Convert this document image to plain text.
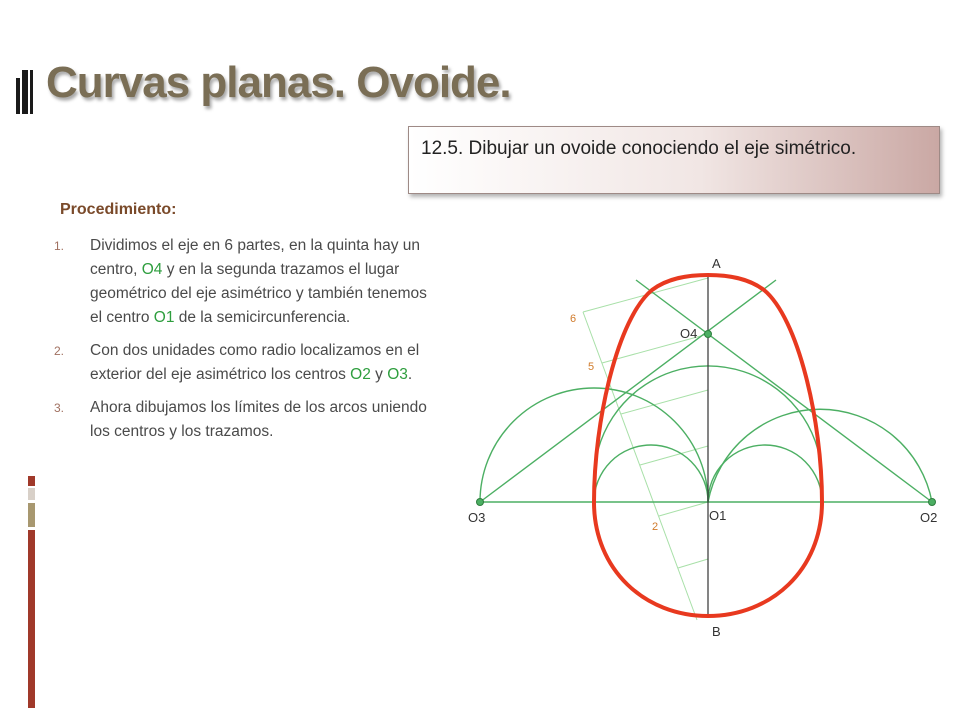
Curvas planas. Ovoide.
12.5. Dibujar un ovoide conociendo el eje simétrico.

Procedimiento:

1. Dividimos el eje en 6 partes, en la quinta hay un centro, O4 y en la segunda trazamos el lugar geométrico del eje asimétrico y también tenemos el centro O1 de la semicircunferencia.
2. Con dos unidades como radio localizamos en el exterior del eje asimétrico los centros O2 y O3.
3. Ahora dibujamos los límites de los arcos uniendo los centros y los trazamos.
A
B
O1	O2
O3
O4
6
5
2
